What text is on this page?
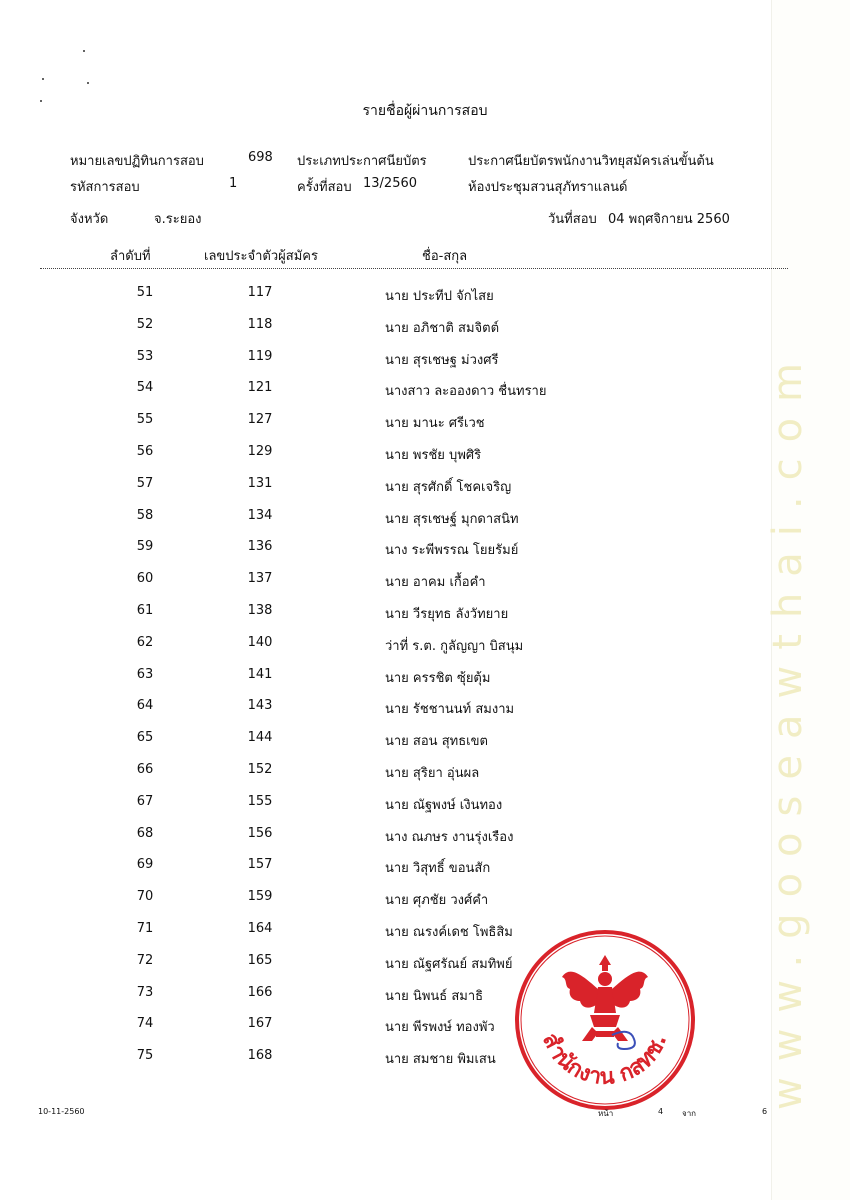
www.gooseawthai.com
รายชื่อผู้ผ่านการสอบ
หมายเลขปฏิทินการสอบ	698 ประเภทประกาศนียบัตร	ประกาศนียบัตรพนักงานวิทยุสมัครเล่นขั้นต้น
รหัสการสอบ	1	ครั้งที่สอบ 13/2560	ห้องประชุมสวนสุภัทราแลนด์
จังหวัด	จ.ระยอง	วันที่สอบ 04 พฤศจิกายน 2560
ลำดับที่	เลขประจำตัวผู้สมัคร	ชื่อ-สกุล
51	117	นาย ประทีป จักไสย
52	118	นาย อภิชาติ สมจิตต์
53	119	นาย สุรเชษฐ ม่วงศรี
54	121	นางสาว ละอองดาว ชื่นทราย
55	127	นาย มานะ ศรีเวช
56	129	นาย พรชัย บุพศิริ
57	131	นาย สุรศักดิ์ โชคเจริญ
58	134	นาย สุรเชษฐ์ มุกดาสนิท
59	136	นาง ระพีพรรณ โยยรัมย์
60	137	นาย อาคม เกื้อคำ
61	138	นาย วีรยุทธ ลังวัทยาย
62	140	ว่าที่ ร.ต. กูลัญญา บิสนุม
63	141	นาย ครรชิต ซุ้ยตุ้ม
64	143	นาย รัชชานนท์ สมงาม
65	144	นาย สอน สุทธเขต
66	152	นาย สุริยา อุ่นผล
67	155	นาย ณัฐพงษ์ เงินทอง
68	156	นาง ณภษร งานรุ่งเรือง
69	157	นาย วิสุทธิ์ ขอนสัก
70	159	นาย ศุภชัย วงศ์คำ
71	164	นาย ณรงค์เดช โพธิสิม
72	165	นาย ณัฐศรัณย์ สมทิพย์
73	166	นาย นิพนธ์ สมาธิ
74	167	นาย พีรพงษ์ ทองพัว
75	168	นาย สมชาย พิมเสน สำนักงาน กสทช.
10-11-2560	หน้า	4 จาก	6
